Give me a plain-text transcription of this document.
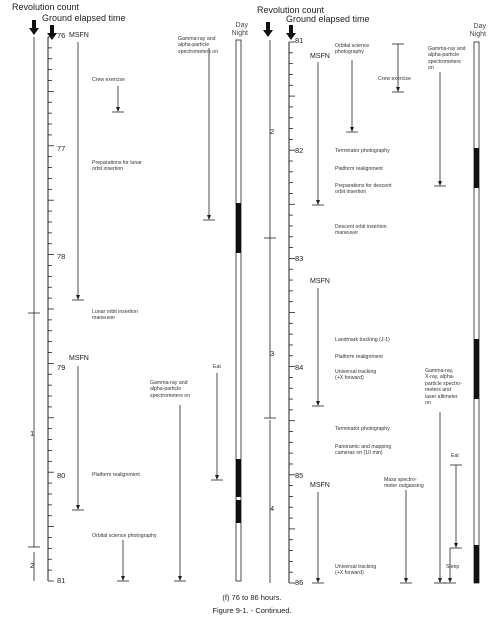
Revolution count
Ground elapsed time
Revolution count
Ground elapsed time
Day
Night
Day
Night
76
77
78
79
80
81
MSFN
MSFN
1
2
Crew exercise
Preparations for lunar
orbit insertion
Lunar orbit insertion
maneuver
Platform realignment
Orbital science photography
Gamma-ray and
alpha-particle
spectrometers on
Gamma-ray and
alpha-particle
spectrometers on
Eat
81
82
83
84
85
86
MSFN
MSFN
MSFN
2
3
4
Orbital science
photography
Crew exercise
Terminator photography
Platform realignment
Preparations for descent
orbit insertion
Descent orbit insertion
maneuver
Landmark tracking (J-1)
Platform realignment
Universal tracking
(+X forward)
Terminator photography
Panoramic and mapping
cameras on (10 min)
Mass spectro-
meter outgassing
Universal tracking
(+X forward)
Gamma-ray and
alpha-particle
spectrometers
on
Gamma-ray,
X-ray, alpha-
particle spectro-
meters and
laser altimeter
on
Eat
Sleep
(f) 76 to 86 hours.
Figure 9-1. - Continued.
